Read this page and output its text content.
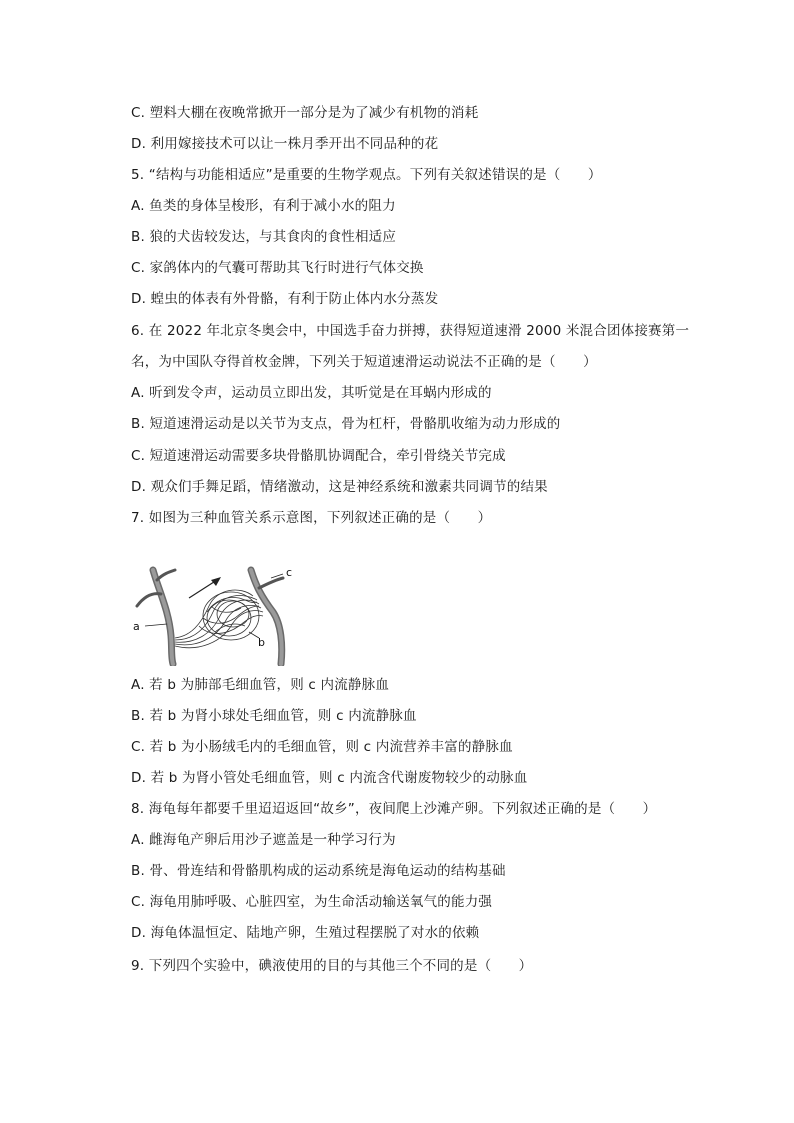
C. 塑料大棚在夜晚常掀开一部分是为了减少有机物的消耗
D. 利用嫁接技术可以让一株月季开出不同品种的花
5. “结构与功能相适应”是重要的生物学观点。下列有关叙述错误的是（　　）
A. 鱼类的身体呈梭形，有利于减小水的阻力
B. 狼的犬齿较发达，与其食肉的食性相适应
C. 家鸽体内的气囊可帮助其飞行时进行气体交换
D. 蝗虫的体表有外骨骼，有利于防止体内水分蒸发
6. 在 2022 年北京冬奥会中，中国选手奋力拼搏，获得短道速滑 2000 米混合团体接赛第一
名，为中国队夺得首枚金牌，下列关于短道速滑运动说法不正确的是（　　）
A. 听到发令声，运动员立即出发，其听觉是在耳蜗内形成的
B. 短道速滑运动是以关节为支点，骨为杠杆，骨骼肌收缩为动力形成的
C. 短道速滑运动需要多块骨骼肌协调配合，牵引骨绕关节完成
D. 观众们手舞足蹈，情绪激动，这是神经系统和激素共同调节的结果
7. 如图为三种血管关系示意图，下列叙述正确的是（　　）
a
b
c
A. 若 b 为肺部毛细血管，则 c 内流静脉血
B. 若 b 为肾小球处毛细血管，则 c 内流静脉血
C. 若 b 为小肠绒毛内的毛细血管，则 c 内流营养丰富的静脉血
D. 若 b 为肾小管处毛细血管，则 c 内流含代谢废物较少的动脉血
8. 海龟每年都要千里迢迢返回“故乡”，夜间爬上沙滩产卵。下列叙述正确的是（　　）
A. 雌海龟产卵后用沙子遮盖是一种学习行为
B. 骨、骨连结和骨骼肌构成的运动系统是海龟运动的结构基础
C. 海龟用肺呼吸、心脏四室，为生命活动输送氧气的能力强
D. 海龟体温恒定、陆地产卵，生殖过程摆脱了对水的依赖
9. 下列四个实验中，碘液使用的目的与其他三个不同的是（　　）
